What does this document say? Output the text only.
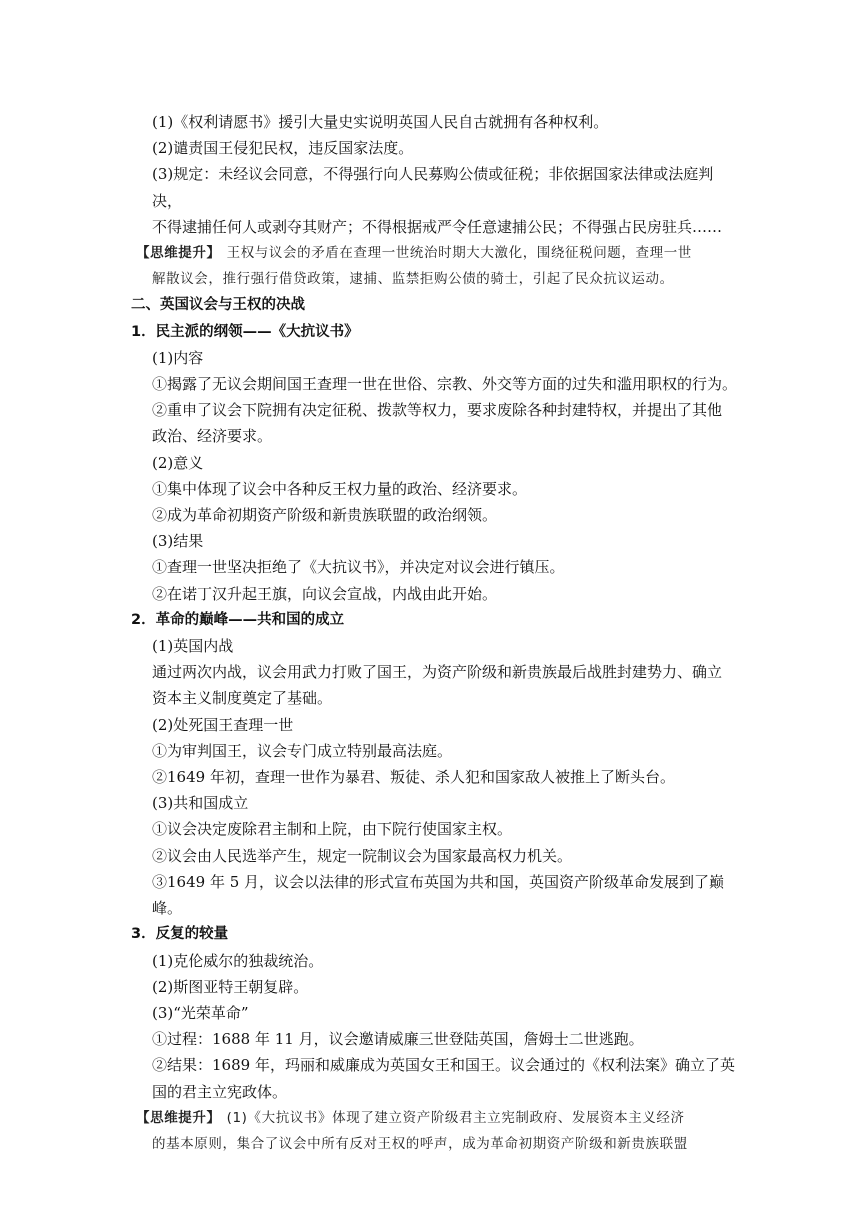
(1)《权利请愿书》援引大量史实说明英国人民自古就拥有各种权利。
(2)谴责国王侵犯民权，违反国家法度。
(3)规定：未经议会同意，不得强行向人民募购公债或征税；非依据国家法律或法庭判决，
不得逮捕任何人或剥夺其财产；不得根据戒严令任意逮捕公民；不得强占民房驻兵……
【思维提升】 王权与议会的矛盾在查理一世统治时期大大激化，围绕征税问题，查理一世
解散议会，推行强行借贷政策，逮捕、监禁拒购公债的骑士，引起了民众抗议运动。
二、英国议会与王权的决战
1．民主派的纲领——《大抗议书》
(1)内容
①揭露了无议会期间国王查理一世在世俗、宗教、外交等方面的过失和滥用职权的行为。
②重申了议会下院拥有决定征税、拨款等权力，要求废除各种封建特权，并提出了其他
政治、经济要求。
(2)意义
①集中体现了议会中各种反王权力量的政治、经济要求。
②成为革命初期资产阶级和新贵族联盟的政治纲领。
(3)结果
①查理一世坚决拒绝了《大抗议书》，并决定对议会进行镇压。
②在诺丁汉升起王旗，向议会宣战，内战由此开始。
2．革命的巅峰——共和国的成立
(1)英国内战
通过两次内战，议会用武力打败了国王，为资产阶级和新贵族最后战胜封建势力、确立
资本主义制度奠定了基础。
(2)处死国王查理一世
①为审判国王，议会专门成立特别最高法庭。
②1649 年初，查理一世作为暴君、叛徒、杀人犯和国家敌人被推上了断头台。
(3)共和国成立
①议会决定废除君主制和上院，由下院行使国家主权。
②议会由人民选举产生，规定一院制议会为国家最高权力机关。
③1649 年 5 月，议会以法律的形式宣布英国为共和国，英国资产阶级革命发展到了巅峰。
3．反复的较量
(1)克伦威尔的独裁统治。
(2)斯图亚特王朝复辟。
(3)“光荣革命”
①过程：1688 年 11 月，议会邀请威廉三世登陆英国，詹姆士二世逃跑。
②结果：1689 年，玛丽和威廉成为英国女王和国王。议会通过的《权利法案》确立了英
国的君主立宪政体。
【思维提升】 (1)《大抗议书》体现了建立资产阶级君主立宪制政府、发展资本主义经济
的基本原则，集合了议会中所有反对王权的呼声，成为革命初期资产阶级和新贵族联盟
